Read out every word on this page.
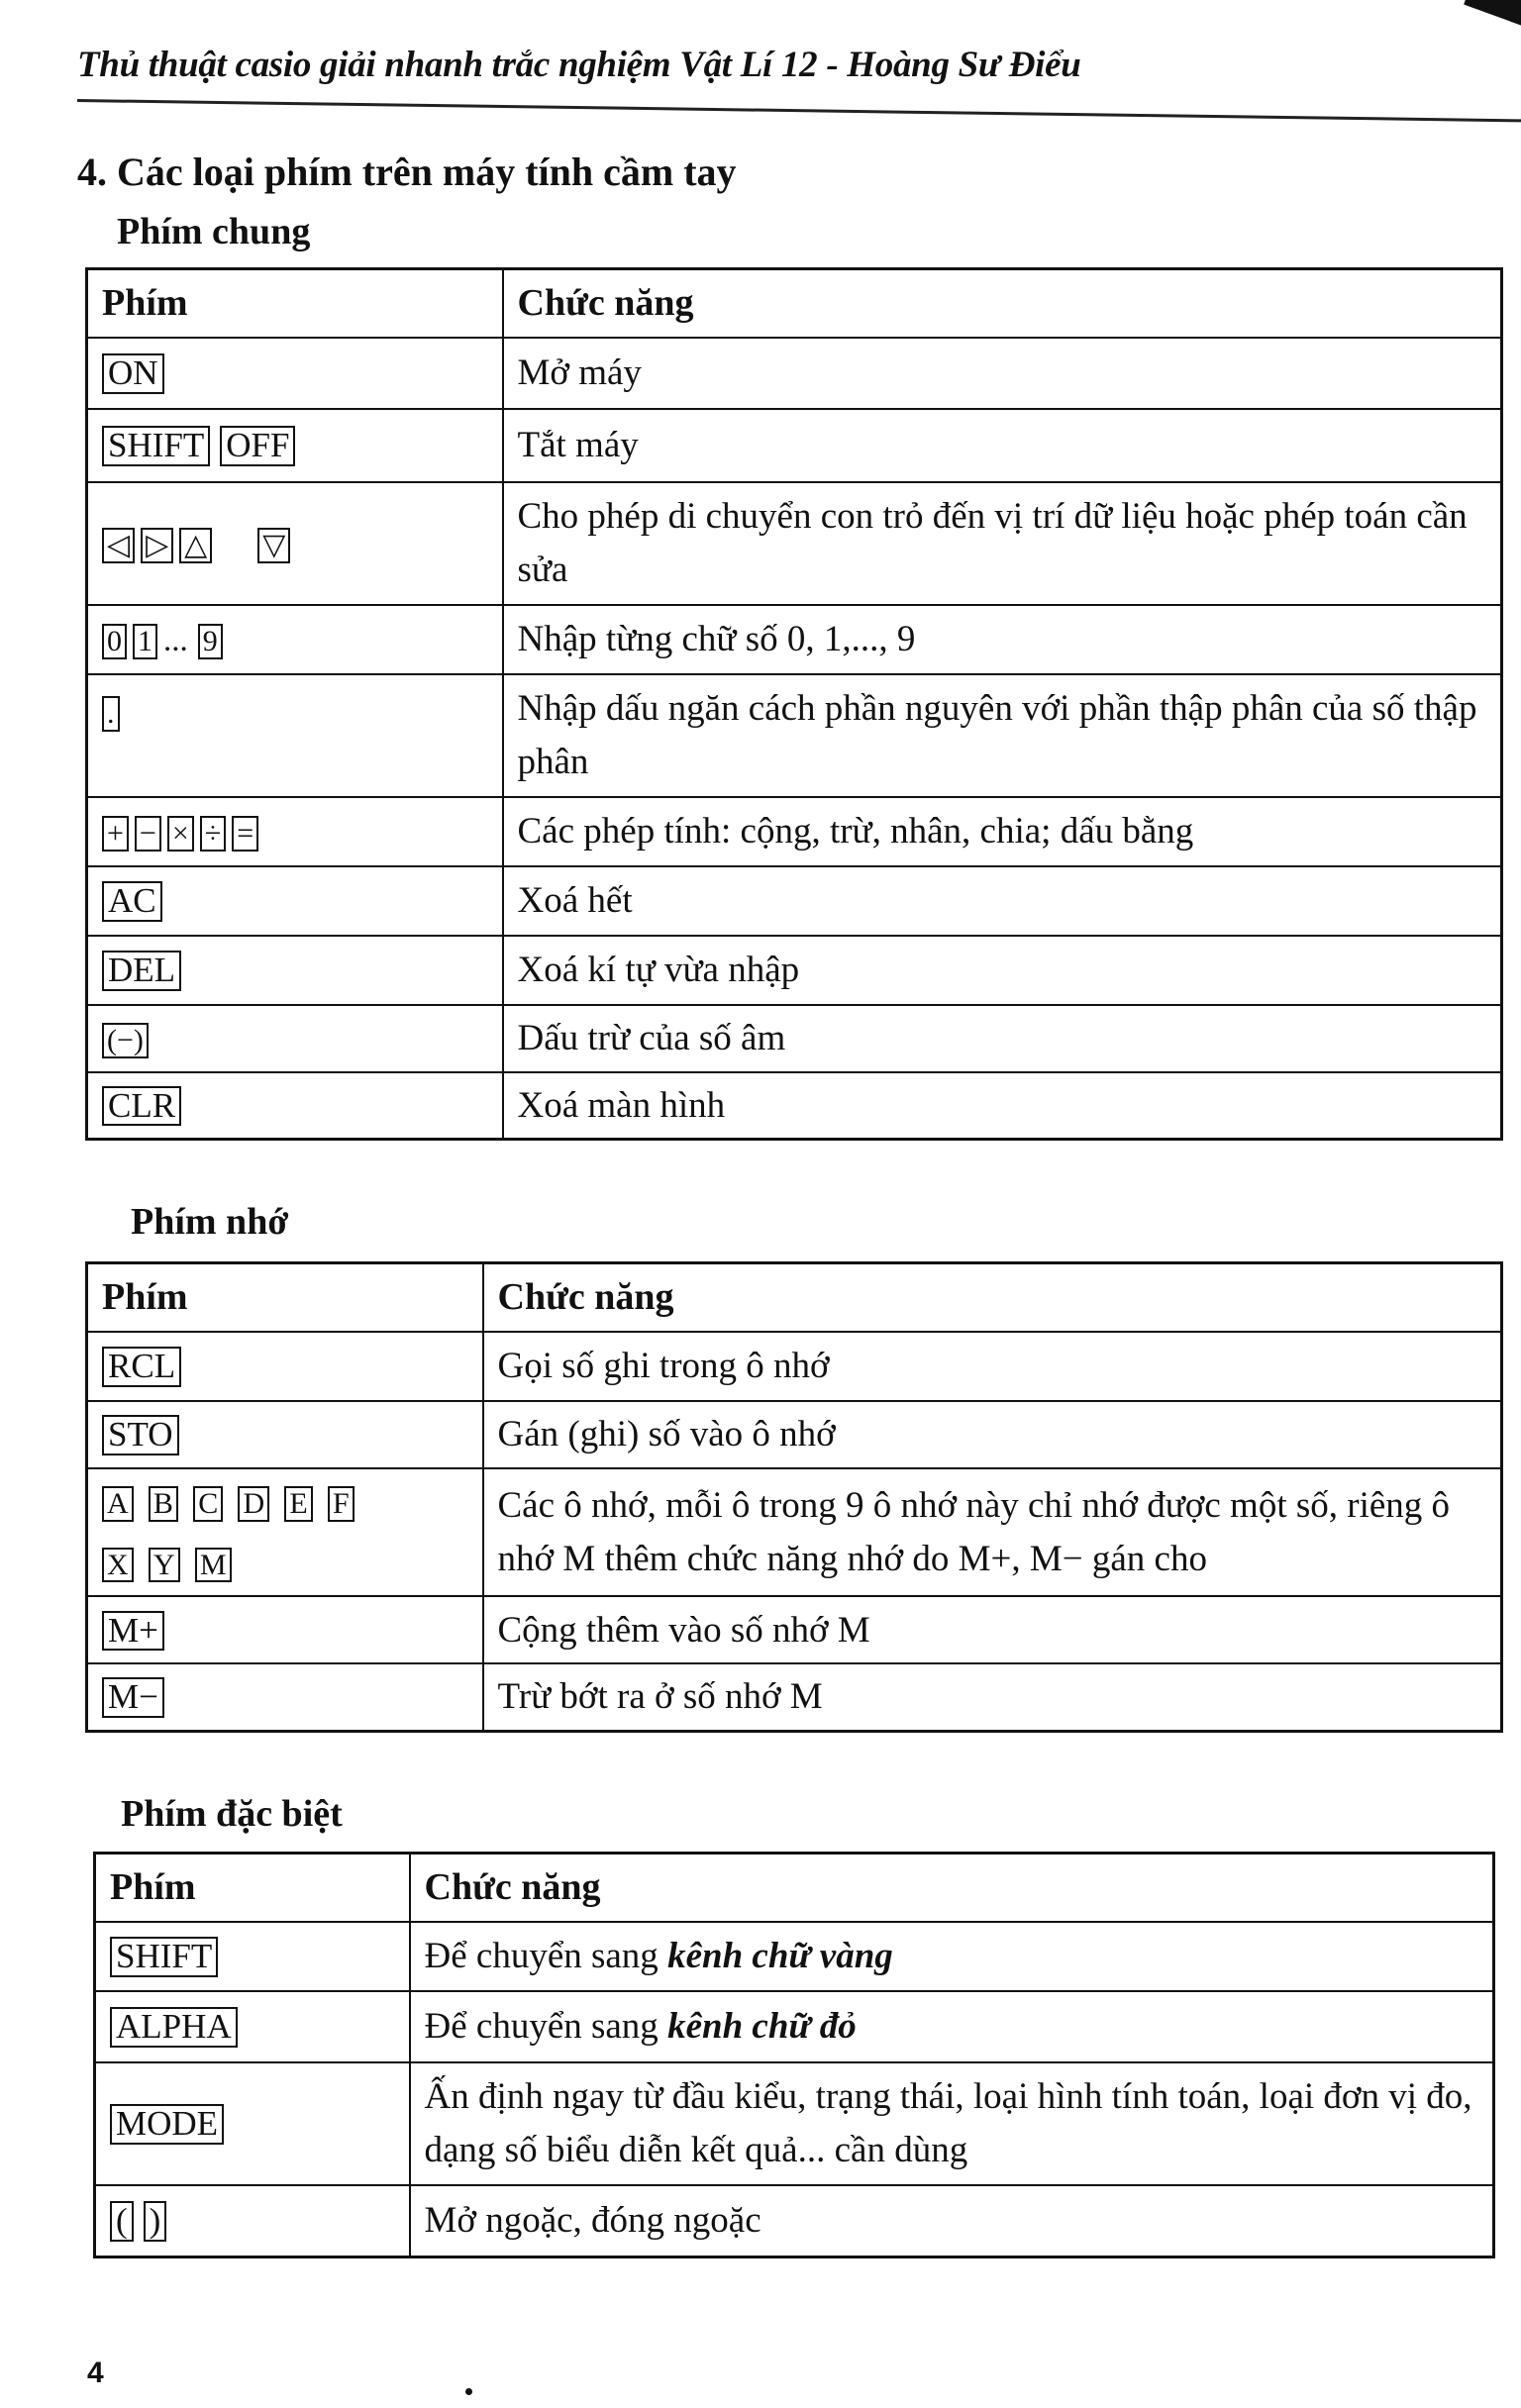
Thủ thuật casio giải nhanh trắc nghiệm Vật Lí 12 - Hoàng Sư Điểu
4. Các loại phím trên máy tính cầm tay
Phím chung
Phím	Chức năng
ON	Mở máy
SHIFT OFF	Tắt máy
◁ ▷ △ ▽	Cho phép di chuyển con trỏ đến vị trí dữ liệu hoặc phép toán cần sửa
0 1 ... 9	Nhập từng chữ số 0, 1,..., 9
.	Nhập dấu ngăn cách phần nguyên với phần thập phân của số thập phân
+ − × ÷ =	Các phép tính: cộng, trừ, nhân, chia; dấu bằng
AC	Xoá hết
DEL	Xoá kí tự vừa nhập
(−)	Dấu trừ của số âm
CLR	Xoá màn hình
Phím nhớ
Phím	Chức năng
RCL	Gọi số ghi trong ô nhớ
STO	Gán (ghi) số vào ô nhớ

A B C D E F
X Y M	Các ô nhớ, mỗi ô trong 9 ô nhớ này chỉ nhớ được một số, riêng ô nhớ M thêm chức năng nhớ do M+, M− gán cho
M+	Cộng thêm vào số nhớ M
M−	Trừ bớt ra ở số nhớ M
Phím đặc biệt
Phím	Chức năng
SHIFT	Để chuyển sang kênh chữ vàng
ALPHA	Để chuyển sang kênh chữ đỏ
MODE	Ấn định ngay từ đầu kiểu, trạng thái, loại hình tính toán, loại đơn vị đo, dạng số biểu diễn kết quả... cần dùng
( )	Mở ngoặc, đóng ngoặc
4
